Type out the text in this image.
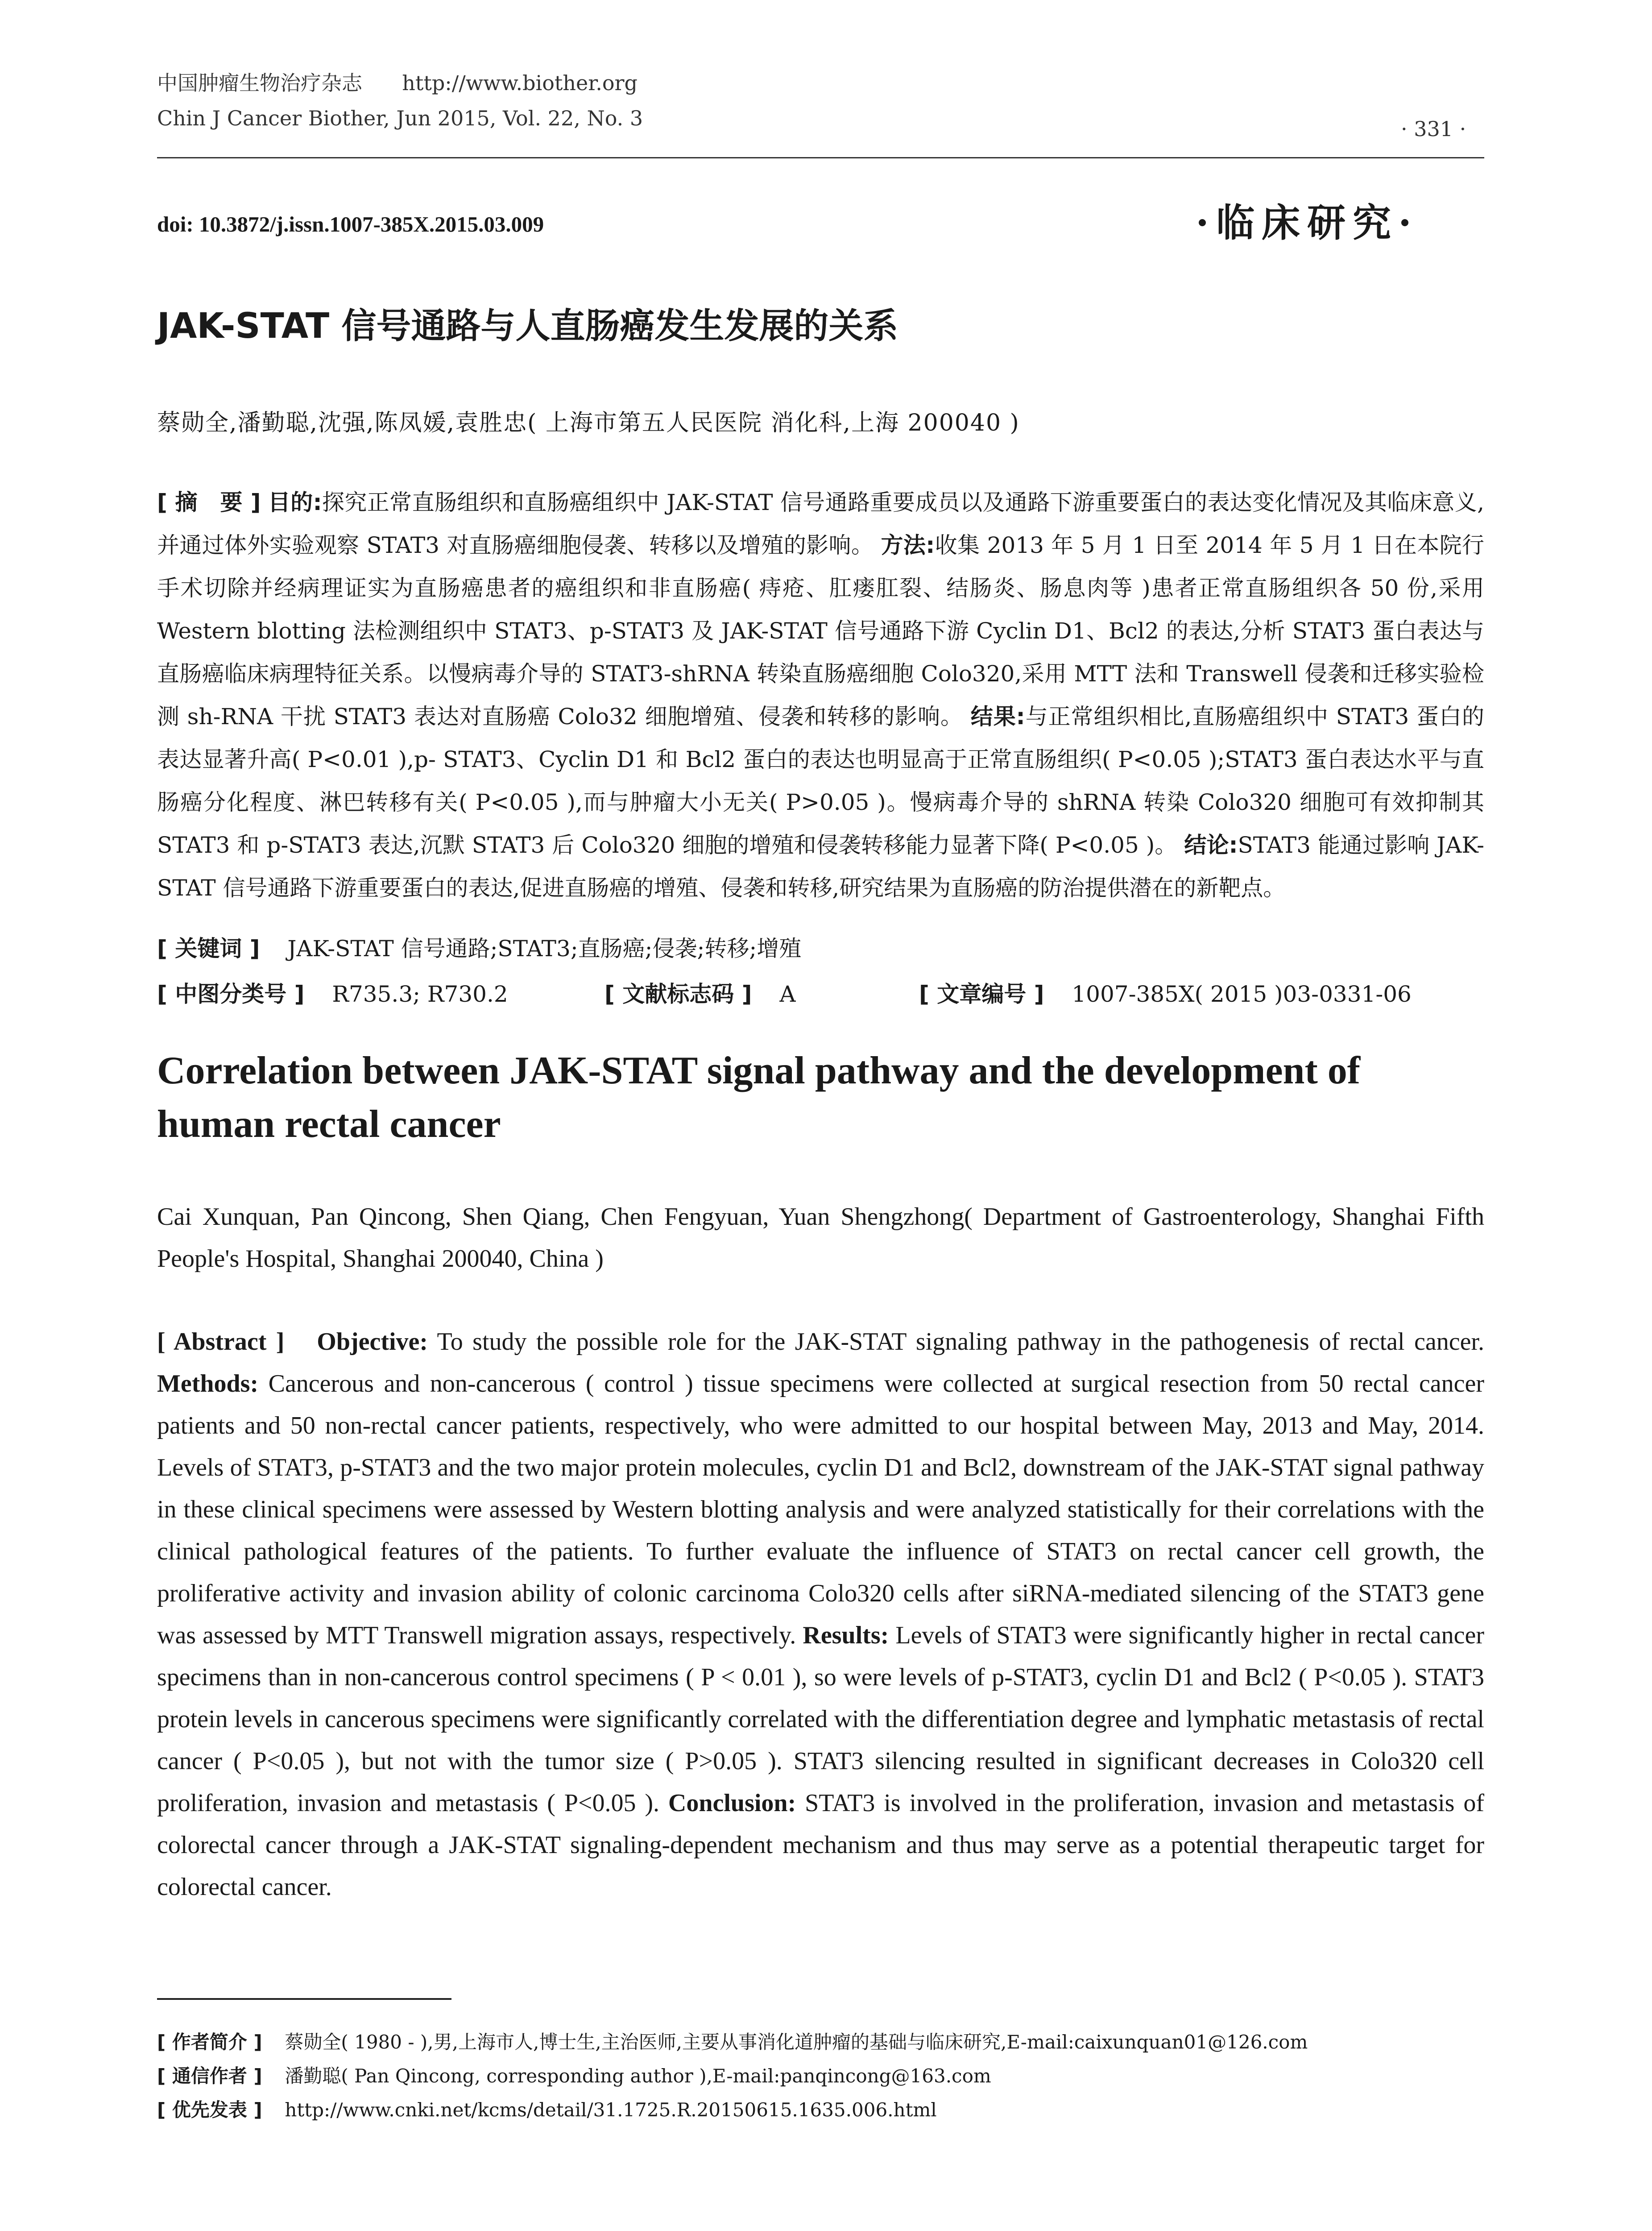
中国肿瘤生物治疗杂志 http://www.biother.org
Chin J Cancer Biother, Jun 2015, Vol. 22, No. 3	· 331 ·
doi: 10.3872/j.issn.1007-385X.2015.03.009	·临床研究·
JAK-STAT 信号通路与人直肠癌发生发展的关系
蔡勋全,潘勤聪,沈强,陈凤媛,袁胜忠( 上海市第五人民医院 消化科,上海 200040 )
[ 摘　要 ] 目的:探究正常直肠组织和直肠癌组织中 JAK-STAT 信号通路重要成员以及通路下游重要蛋白的表达变化情况及其临床意义,并通过体外实验观察 STAT3 对直肠癌细胞侵袭、转移以及增殖的影响。 方法:收集 2013 年 5 月 1 日至 2014 年 5 月 1 日在本院行手术切除并经病理证实为直肠癌患者的癌组织和非直肠癌( 痔疮、肛瘘肛裂、结肠炎、肠息肉等 )患者正常直肠组织各 50 份,采用 Western blotting 法检测组织中 STAT3、p-STAT3 及 JAK-STAT 信号通路下游 Cyclin D1、Bcl2 的表达,分析 STAT3 蛋白表达与直肠癌临床病理特征关系。以慢病毒介导的 STAT3-shRNA 转染直肠癌细胞 Colo320,采用 MTT 法和 Transwell 侵袭和迁移实验检测 sh-RNA 干扰 STAT3 表达对直肠癌 Colo32 细胞增殖、侵袭和转移的影响。 结果:与正常组织相比,直肠癌组织中 STAT3 蛋白的表达显著升高( P<0.01 ),p- STAT3、Cyclin D1 和 Bcl2 蛋白的表达也明显高于正常直肠组织( P<0.05 );STAT3 蛋白表达水平与直肠癌分化程度、淋巴转移有关( P<0.05 ),而与肿瘤大小无关( P>0.05 )。慢病毒介导的 shRNA 转染 Colo320 细胞可有效抑制其 STAT3 和 p-STAT3 表达,沉默 STAT3 后 Colo320 细胞的增殖和侵袭转移能力显著下降( P<0.05 )。 结论:STAT3 能通过影响 JAK-STAT 信号通路下游重要蛋白的表达,促进直肠癌的增殖、侵袭和转移,研究结果为直肠癌的防治提供潜在的新靶点。
[ 关键词 ] JAK-STAT 信号通路;STAT3;直肠癌;侵袭;转移;增殖
[ 中图分类号 ] R735.3; R730.2	[ 文献标志码 ] A	[ 文章编号 ] 1007-385X( 2015 )03-0331-06
Correlation between JAK-STAT signal pathway and the development of human rectal cancer
Cai Xunquan, Pan Qincong, Shen Qiang, Chen Fengyuan, Yuan Shengzhong( Department of Gastroenterology, Shanghai Fifth People's Hospital, Shanghai 200040, China )
[ Abstract ] Objective: To study the possible role for the JAK-STAT signaling pathway in the pathogenesis of rectal cancer. Methods: Cancerous and non-cancerous ( control ) tissue specimens were collected at surgical resection from 50 rectal cancer patients and 50 non-rectal cancer patients, respectively, who were admitted to our hospital between May, 2013 and May, 2014. Levels of STAT3, p-STAT3 and the two major protein molecules, cyclin D1 and Bcl2, downstream of the JAK-STAT signal pathway in these clinical specimens were assessed by Western blotting analysis and were analyzed statistically for their correlations with the clinical pathological features of the patients. To further evaluate the influence of STAT3 on rectal cancer cell growth, the proliferative activity and invasion ability of colonic carcinoma Colo320 cells after siRNA-mediated silencing of the STAT3 gene was assessed by MTT Transwell migration assays, respectively. Results: Levels of STAT3 were significantly higher in rectal cancer specimens than in non-cancerous control specimens ( P < 0.01 ), so were levels of p-STAT3, cyclin D1 and Bcl2 ( P<0.05 ). STAT3 protein levels in cancerous specimens were significantly correlated with the differentiation degree and lymphatic metastasis of rectal cancer ( P<0.05 ), but not with the tumor size ( P>0.05 ). STAT3 silencing resulted in significant decreases in Colo320 cell proliferation, invasion and metastasis ( P<0.05 ). Conclusion: STAT3 is involved in the proliferation, invasion and metastasis of colorectal cancer through a JAK-STAT signaling-dependent mechanism and thus may serve as a potential therapeutic target for colorectal cancer.
[ 作者简介 ] 蔡勋全( 1980 - ),男,上海市人,博士生,主治医师,主要从事消化道肿瘤的基础与临床研究,E-mail:caixunquan01@126.com
[ 通信作者 ] 潘勤聪( Pan Qincong, corresponding author ),E-mail:panqincong@163.com
[ 优先发表 ] http://www.cnki.net/kcms/detail/31.1725.R.20150615.1635.006.html
